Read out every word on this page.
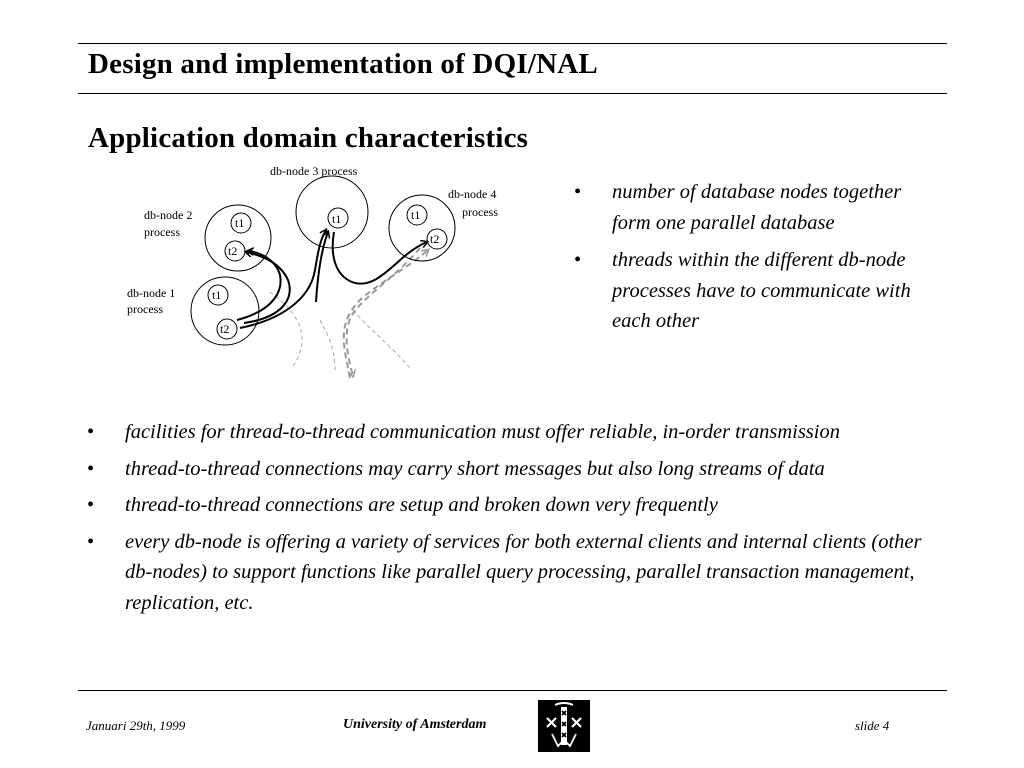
Design and implementation of DQI/NAL
Application domain characteristics
db-node 3 process
db-node 2
process
db-node 4
process
db-node 1
process
t1
t1
t2
t1
t2
t1
t2
• number of database nodes together form one parallel database
• threads within the different db-node processes have to communicate with each other
• facilities for thread-to-thread communication must offer reliable, in-order transmission
• thread-to-thread connections may carry short messages but also long streams of data
• thread-to-thread connections are setup and broken down very frequently
• every db-node is offering a variety of services for both external clients and internal clients (other db-nodes) to support functions like parallel query processing, parallel transaction management, replication, etc.
Januari 29th, 1999	University of Amsterdam	slide 4
